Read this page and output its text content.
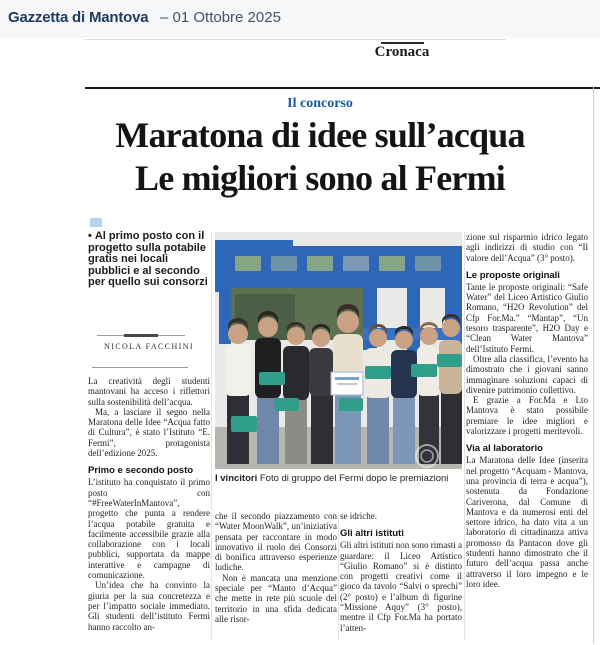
Gazzetta di Mantova – 01 Ottobre 2025
Cronaca
Il concorso
Maratona di idee sull’acqua
Le migliori sono al Fermi
• Al primo posto con il progetto sulla potabile gratis nei locali pubblici e al secondo per quello sui consorzi
NICOLA FACCHINI
I vincitori Foto di gruppo del Fermi dopo le premiazioni

La creatività degli studenti mantovani ha acceso i riflettori sulla sostenibilità dell’acqua.

Ma, a lasciare il segno nella Maratona delle Idee “Acqua fatto di Cultura”, è stato l’Istituto “E. Fermi”, protagonista dell’edizione 2025.

Primo e secondo posto

L’istituto ha conquistato il primo posto con “#FreeWaterInMantova”, progetto che punta a rendere l’acqua potabile gratuita e facilmente accessibile grazie alla collaborazione con i locali pubblici, supportata da mappe interattive e campagne di comunicazione.

Un’idea che ha convinto la giuria per la sua concretezza e per l’impatto sociale immediato. Gli studenti dell’istituto Fermi hanno raccolto an-

che il secondo piazzamento con “Water MoonWalk”, un’iniziativa pensata per raccontare in modo innovativo il ruolo dei Consorzi di bonifica attraverso esperienze ludiche.

Non è mancata una menzione speciale per “Manto d’Acqua” che mette in rete più scuole del territorio in una sfida dedicata alle risor-

se idriche.

Gli altri istituti

Gli altri istituti non sono rimasti a guardare: il Liceo Artistico “Giulio Romano” si è distinto con progetti creativi come il gioco da tavolo “Salvi o sprechi” (2° posto) e l’album di figurine “Missione Aquy” (3° posto), mentre il Cfp For.Ma ha portato l’atten-

zione sul risparmio idrico legato agli indirizzi di studio con “Il valore dell’Acqua” (3° posto).

Le proposte originali

Tante le proposte originali: “Safe Water” del Liceo Artistico Giulio Romano, “H2O Revolution” del Cfp For.Ma.” “Mantap”, “Un tesoro trasparente”, H2O Day e “Clean Water Mantova” dell’Istituto Fermi.

Oltre alla classifica, l’evento ha dimostrato che i giovani sanno immaginare soluzioni capaci di divenire patrimonio collettivo.

E grazie a For.Ma e Lto Mantova è stato possibile premiare le idee migliori e valorizzare i progetti meritevoli.

Via al laboratorio

La Maratona delle Idee (inserita nel progetto “Acquam - Mantova, una provincia di terra e acqua”), sostenuta da Fondazione Cariverona, dal Comune di Mantova e da numerosi enti del settore idrico, ha dato vita a un laboratorio di cittadinanza attiva promosso da Pantacon dove gli studenti hanno dimostrato che il futuro dell’acqua passa anche attraverso il loro impegno e le loro idee.
